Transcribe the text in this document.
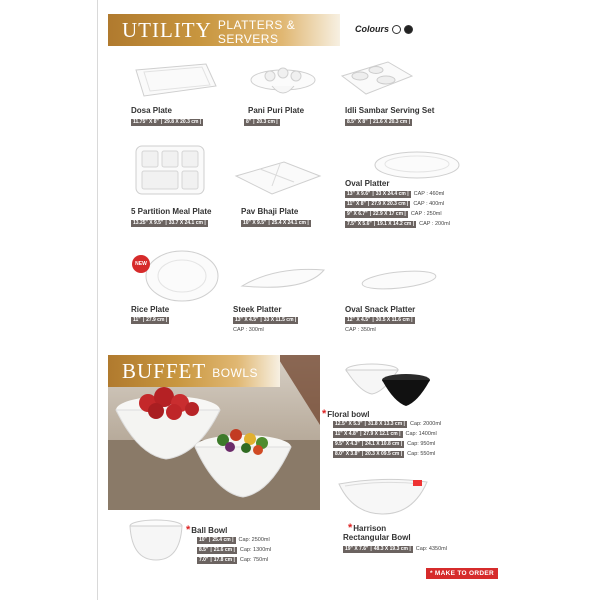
UTILITY PLATTERS & SERVERS
Colours
Dosa Plate	Pani Puri Plate	Idli Sambar Serving Set
11.75" X 8" | 29.8 X 20.3 cm |	8" | 20.3 cm |	8.5" X 8" | 21.6 X 20.3 cm |
5 Partition Meal Plate	Pav Bhaji Plate
Oval Platter
13.25" X 9.5" | 33.7 X 24.1 cm |	10" X 9.5" | 25.4 X 24.1 cm |
13" X 9.6" | 33 X 24.4 cm | CAP : 460ml
11" X 8" | 27.9 X 20.3 cm | CAP : 400ml
9" X 6.7" | 22.9 X 17 cm | CAP : 250ml
7.5" X 5.6" | 19.1 X 14.2 cm | CAP : 200ml
NEW
Rice Plate	Steek Platter	Oval Snack Platter
11" | 27.9 cm |	13" X 4.5" | 33 X 11.5 cm |
CAP : 300ml
12" X 4.5" | 30.5 X 11.6 cm |
CAP : 350ml
BUFFET BOWLS
*Floral bowl
12.5" X 5.3" | 31.8 X 13.3 cm | Cap: 2000ml
11" X 4.8" | 27.9 X 12.1 cm | Cap: 1400ml
9.5" X 4.3" | 24.1 X 10.8 cm | Cap: 950ml
8.0" X 3.8" | 20.3 X 09.5 cm | Cap: 550ml
*Harrison
Rectangular Bowl
19" X 7.6" | 48.3 X 19.3 cm | Cap: 4350ml
*Ball Bowl
10" | 25.4 cm | Cap: 2500ml
8.5" | 21.6 cm | Cap: 1300ml
7.0" | 17.8 cm | Cap: 750ml
* MAKE TO ORDER
